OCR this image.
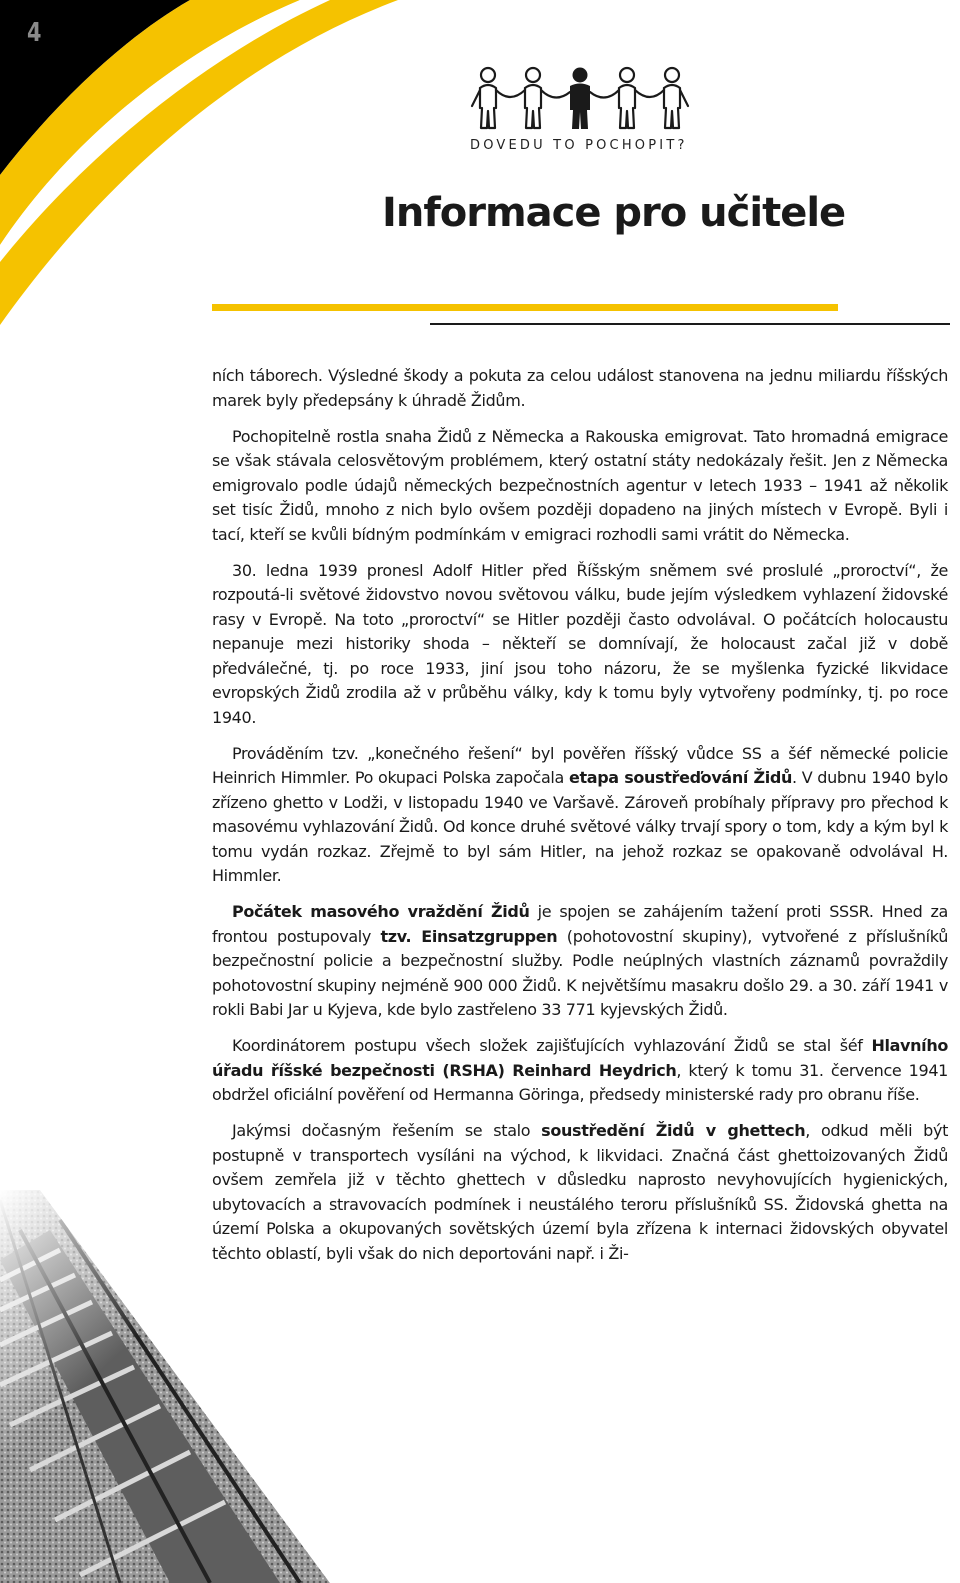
4
DOVEDU TO POCHOPIT?
Informace pro učitele

ních táborech. Výsledné škody a pokuta za celou událost stanovena na jednu miliardu říšských marek byly předepsány k úhradě Židům.

Pochopitelně rostla snaha Židů z Německa a Rakouska emigrovat. Tato hromadná emigrace se však stávala celosvětovým problémem, který ostatní státy nedokázaly řešit. Jen z Německa emigrovalo podle údajů německých bezpečnostních agentur v letech 1933 – 1941 až několik set tisíc Židů, mnoho z nich bylo ovšem později dopadeno na jiných místech v Evropě. Byli i tací, kteří se kvůli bídným podmínkám v emigraci rozhodli sami vrátit do Německa.

30. ledna 1939 pronesl Adolf Hitler před Říšským sněmem své proslulé „proroctví“, že rozpoutá-li světové židovstvo novou světovou válku, bude jejím výsledkem vyhlazení židovské rasy v Evropě. Na toto „proroctví“ se Hitler později často odvolával. O počátcích holocaustu nepanuje mezi historiky shoda – někteří se domnívají, že holocaust začal již v době předválečné, tj. po roce 1933, jiní jsou toho názoru, že se myšlenka fyzické likvidace evropských Židů zrodila až v průběhu války, kdy k tomu byly vytvořeny podmínky, tj. po roce 1940.

Prováděním tzv. „konečného řešení“ byl pověřen říšský vůdce SS a šéf německé policie Heinrich Himmler. Po okupaci Polska započala etapa soustřeďování Židů. V dubnu 1940 bylo zřízeno ghetto v Lodži, v listopadu 1940 ve Varšavě. Zároveň probíhaly přípravy pro přechod k masovému vyhlazování Židů. Od konce druhé světové války trvají spory o tom, kdy a kým byl k tomu vydán rozkaz. Zřejmě to byl sám Hitler, na jehož rozkaz se opakovaně odvolával H. Himmler.

Počátek masového vraždění Židů je spojen se zahájením tažení proti SSSR. Hned za frontou postupovaly tzv. Einsatzgruppen (pohotovostní skupiny), vytvořené z příslušníků bezpečnostní policie a bezpečnostní služby. Podle neúplných vlastních záznamů povraždily pohotovostní skupiny nejméně 900 000 Židů. K největšímu masakru došlo 29. a 30. září 1941 v rokli Babi Jar u Kyjeva, kde bylo zastřeleno 33 771 kyjevských Židů.

Koordinátorem postupu všech složek zajišťujících vyhlazování Židů se stal šéf Hlavního úřadu říšské bezpečnosti (RSHA) Reinhard Heydrich, který k tomu 31. července 1941 obdržel oficiální pověření od Hermanna Göringa, předsedy ministerské rady pro obranu říše.

Jakýmsi dočasným řešením se stalo soustředění Židů v ghettech, odkud měli být postupně v transportech vysíláni na východ, k likvidaci. Značná část ghettoizovaných Židů ovšem zemřela již v těchto ghettech v důsledku naprosto nevyhovujících hygienických, ubytovacích a stravovacích podmínek i neustálého teroru příslušníků SS. Židovská ghetta na území Polska a okupovaných sovětských území byla zřízena k internaci židovských obyvatel těchto oblastí, byli však do nich deportováni např. i Ži-
